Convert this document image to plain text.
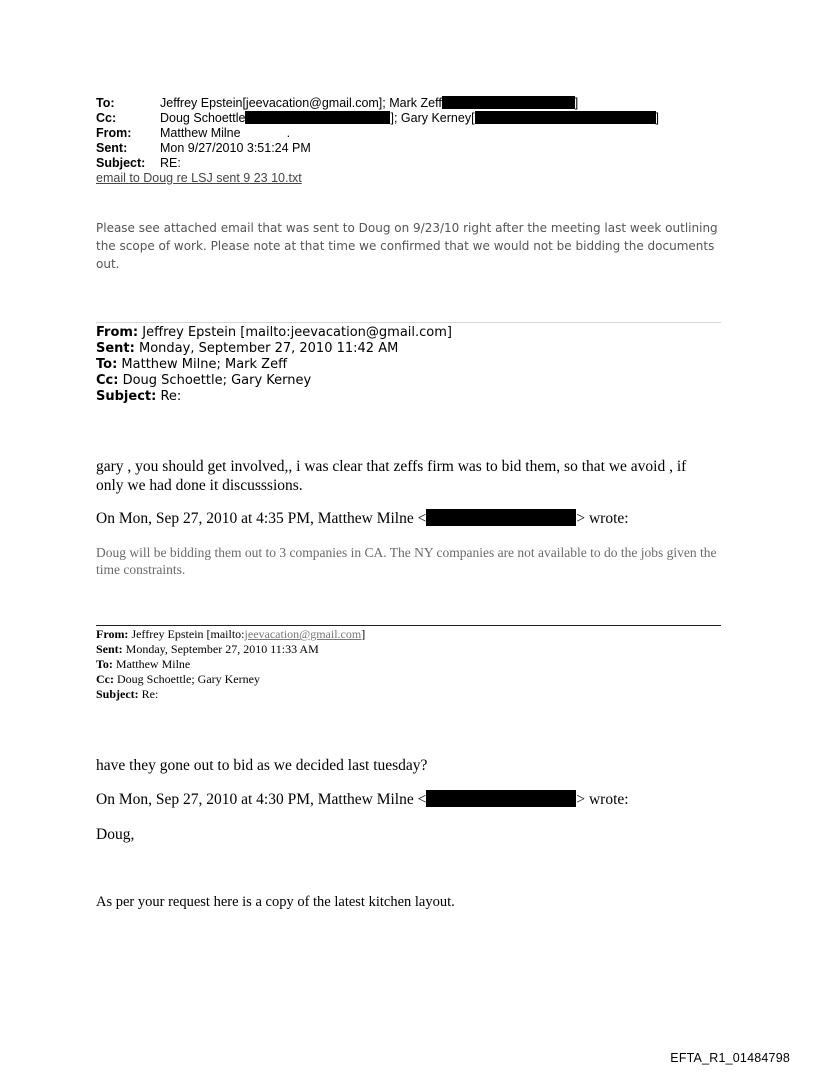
To:	Jeffrey Epstein[jeevacation@gmail.com]; Mark Zeff	]
Cc:	Doug Schoettle	]; Gary Kerney[	]
From:	Matthew Milne	.
Sent:	Mon 9/27/2010 3:51:24 PM
Subject:	RE:
email to Doug re LSJ sent 9 23 10.txt
Please see attached email that was sent to Doug on 9/23/10 right after the meeting last week outlining the scope of work. Please note at that time we confirmed that we would not be bidding the documents out.
From: Jeffrey Epstein [mailto:jeevacation@gmail.com]
Sent: Monday, September 27, 2010 11:42 AM
To: Matthew Milne; Mark Zeff
Cc: Doug Schoettle; Gary Kerney
Subject: Re:
gary , you should get involved,, i was clear that zeffs firm was to bid them, so that we avoid , if only we had done it discusssions.
On Mon, Sep 27, 2010 at 4:35 PM, Matthew Milne <	> wrote:
Doug will be bidding them out to 3 companies in CA. The NY companies are not available to do the jobs given the time constraints.
From: Jeffrey Epstein [mailto:jeevacation@gmail.com]
Sent: Monday, September 27, 2010 11:33 AM
To: Matthew Milne
Cc: Doug Schoettle; Gary Kerney
Subject: Re:
have they gone out to bid as we decided last tuesday?
On Mon, Sep 27, 2010 at 4:30 PM, Matthew Milne <	> wrote:
Doug,
As per your request here is a copy of the latest kitchen layout.
EFTA_R1_01484798
